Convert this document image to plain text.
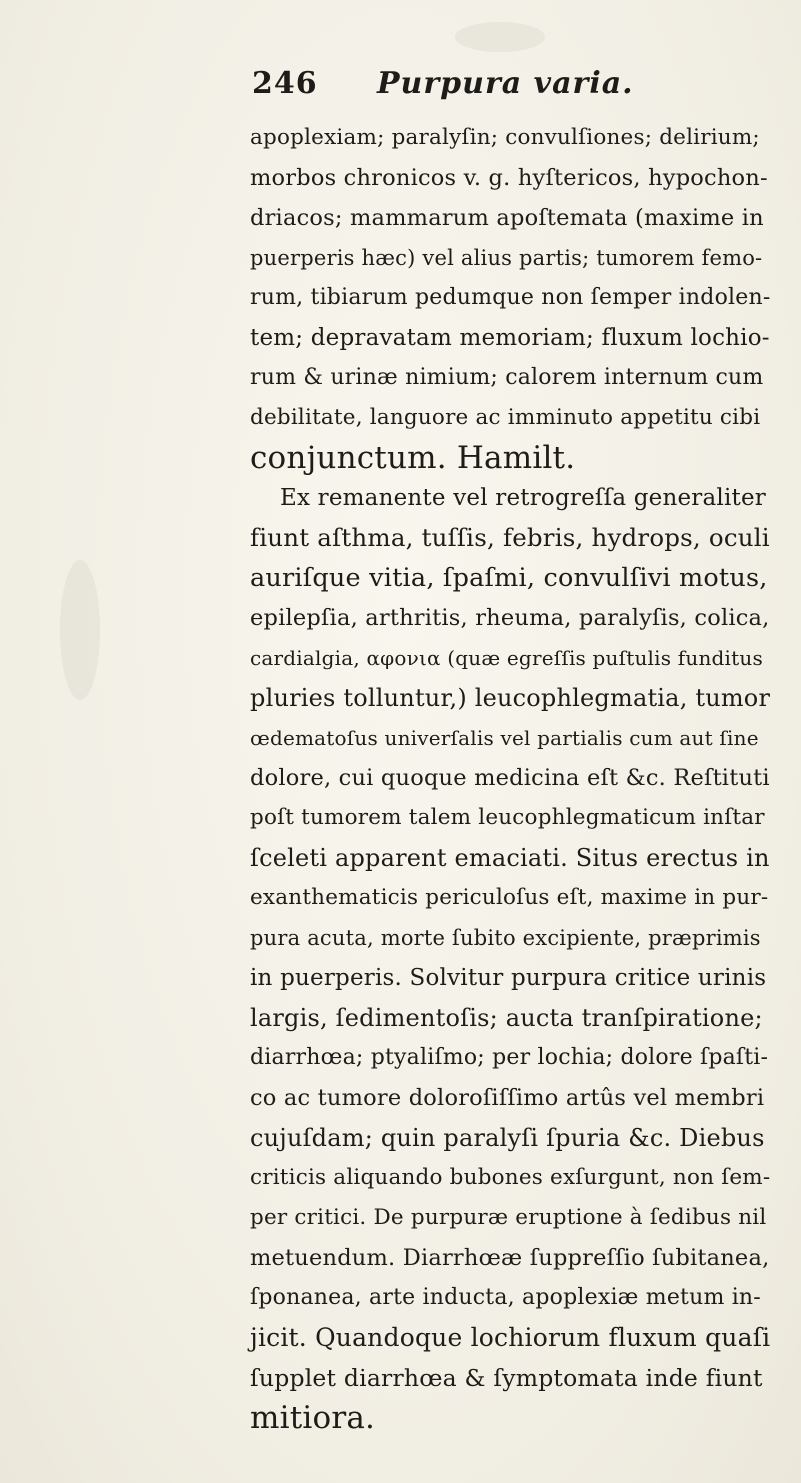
246 Purpura varia.
apoplexiam; paralyſin; convulſiones; delirium;
morbos chronicos v. g. hyſtericos, hypochon-
driacos; mammarum apoſtemata (maxime in
puerperis hæc) vel alius partis; tumorem femo-
rum, tibiarum pedumque non ſemper indolen-
tem; depravatam memoriam; fluxum lochio-
rum & urinæ nimium; calorem internum cum
debilitate, languore ac imminuto appetitu cibi
conjunctum. Hamilt.
Ex remanente vel retrogreſſa generaliter
fiunt aſthma, tuſſis, febris, hydrops, oculi
auriſque vitia, ſpaſmi, convulſivi motus,
epilepſia, arthritis, rheuma, paralyſis, colica,
cardialgia, αφονια (quæ egreſſis puſtulis funditus
pluries tolluntur,) leucophlegmatia, tumor
œdematoſus univerſalis vel partialis cum aut ſine
dolore, cui quoque medicina eſt &c. Reſtituti
poſt tumorem talem leucophlegmaticum inſtar
ſceleti apparent emaciati. Situs erectus in
exanthematicis periculoſus eſt, maxime in pur-
pura acuta, morte ſubito excipiente, præprimis
in puerperis. Solvitur purpura critice urinis
largis, ſedimentoſis; aucta tranſpiratione;
diarrhœa; ptyaliſmo; per lochia; dolore ſpaſti-
co ac tumore doloroſiſſimo artûs vel membri
cujuſdam; quin paralyſi ſpuria &c. Diebus
criticis aliquando bubones exſurgunt, non ſem-
per critici. De purpuræ eruptione à ſedibus nil
metuendum. Diarrhœæ ſuppreſſio ſubitanea,
ſponanea, arte inducta, apoplexiæ metum in-
jicit. Quandoque lochiorum fluxum quaſi
ſupplet diarrhœa & ſymptomata inde fiunt
mitiora.
